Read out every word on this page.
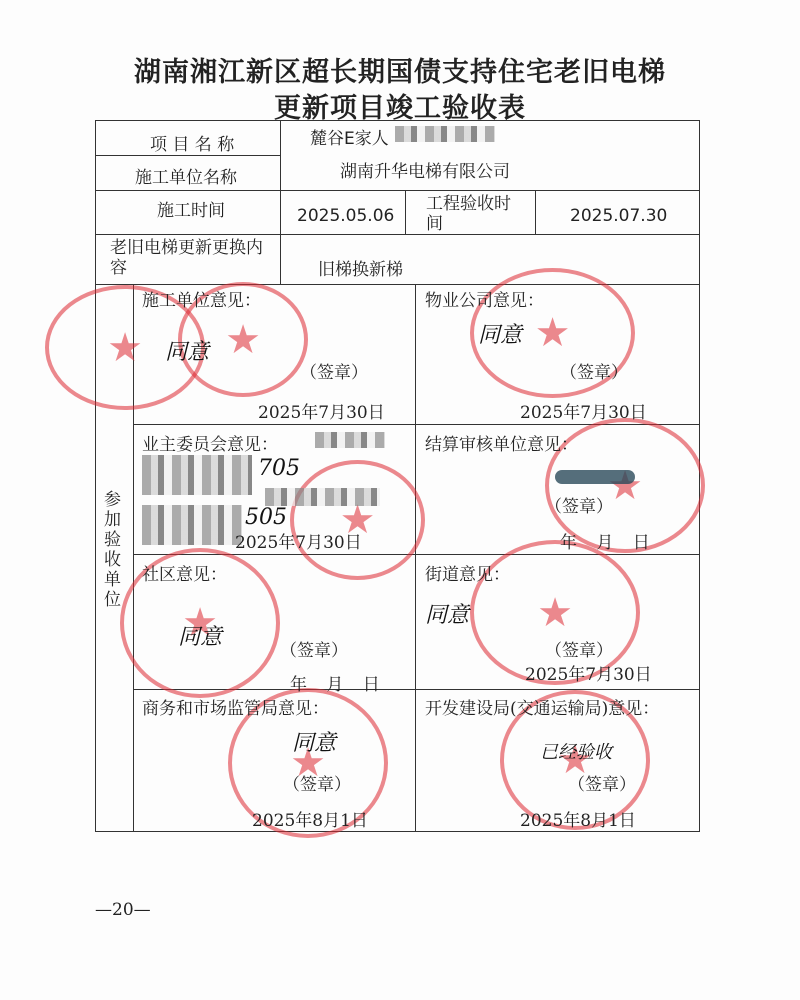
湖南湘江新区超长期国债支持住宅老旧电梯
更新项目竣工验收表
项 目 名 称	麓谷E家人
施工单位名称	湖南升华电梯有限公司
施工时间	2025.05.06
工程验收时间	2025.07.30
老旧电梯更新更换内容	旧梯换新梯
参加验收单位
★
★
★
★
★
★
★
★
★
施工单位意见：
同意
（签章）
2025年7月30日
物业公司意见：
同意
（签章）
2025年7月30日
业主委员会意见：
705
505
2025年7月30日
结算审核单位意见：
（签章）
年 月 日
社区意见：
同意
（签章）
年 月 日
街道意见：
同意
（签章）
2025年7月30日
商务和市场监管局意见：
同意
（签章）
2025年8月1日
开发建设局(交通运输局)意见：
已经验收
（签章）
2025年8月1日
—20—
